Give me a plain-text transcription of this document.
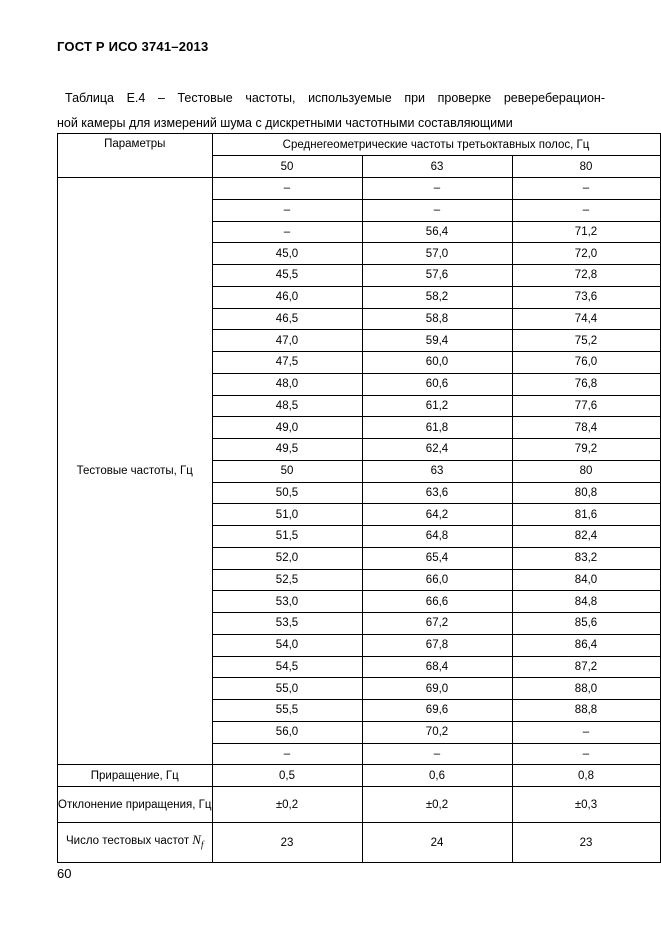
ГОСТ Р ИСО 3741–2013
Таблица Е.4 – Тестовые частоты, используемые при проверке ревереберацион-
ной камеры для измерений шума с дискретными частотными составляющими
Параметры	Среднегеометрические частоты третьоктавных полос, Гц		
	50	63	80
Тестовые частоты, Гц	–	–	–
	–	–	–
	–	56,4	71,2
	45,0	57,0	72,0
	45,5	57,6	72,8
	46,0	58,2	73,6
	46,5	58,8	74,4
	47,0	59,4	75,2
	47,5	60,0	76,0
	48,0	60,6	76,8
	48,5	61,2	77,6
	49,0	61,8	78,4
	49,5	62,4	79,2
	50	63	80
	50,5	63,6	80,8
	51,0	64,2	81,6
	51,5	64,8	82,4
	52,0	65,4	83,2
	52,5	66,0	84,0
	53,0	66,6	84,8
	53,5	67,2	85,6
	54,0	67,8	86,4
	54,5	68,4	87,2
	55,0	69,0	88,0
	55,5	69,6	88,8
	56,0	70,2	–
	–	–	–
Приращение, Гц	0,5	0,6	0,8
Отклонение приращения, Гц	±0,2	±0,2	±0,3
Число тестовых частот $N_f$	23	24	23
60
